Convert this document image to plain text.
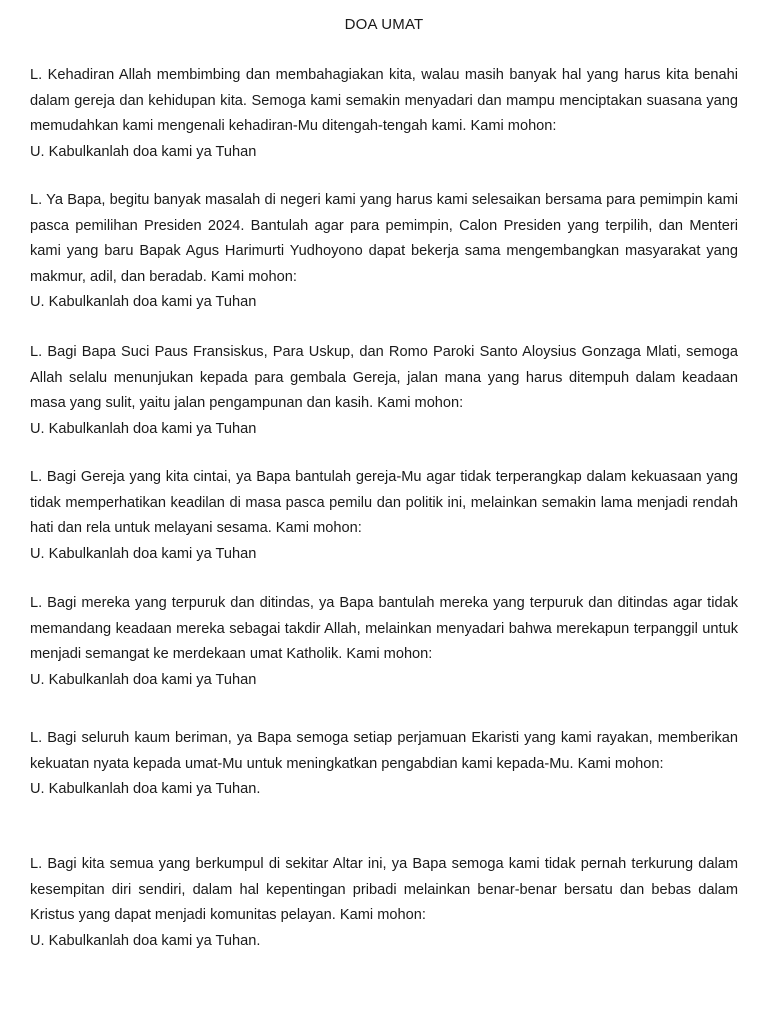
DOA UMAT

L. Kehadiran Allah membimbing dan membahagiakan kita, walau masih banyak hal yang harus kita benahi dalam gereja dan kehidupan kita. Semoga kami semakin menyadari dan mampu menciptakan suasana yang memudahkan kami mengenali kehadiran-Mu ditengah-tengah kami. Kami mohon:

U. Kabulkanlah doa kami ya Tuhan

L. Ya Bapa, begitu banyak masalah di negeri kami yang harus kami selesaikan bersama para pemimpin kami pasca pemilihan Presiden 2024. Bantulah agar para pemimpin, Calon Presiden yang terpilih, dan Menteri kami yang baru Bapak Agus Harimurti Yudhoyono dapat bekerja sama mengembangkan masyarakat yang makmur, adil, dan beradab. Kami mohon:

U. Kabulkanlah doa kami ya Tuhan

L. Bagi Bapa Suci Paus Fransiskus, Para Uskup, dan Romo Paroki Santo Aloysius Gonzaga Mlati, semoga Allah selalu menunjukan kepada para gembala Gereja, jalan mana yang harus ditempuh dalam keadaan masa yang sulit, yaitu jalan pengampunan dan kasih. Kami mohon:

U. Kabulkanlah doa kami ya Tuhan

L. Bagi Gereja yang kita cintai, ya Bapa bantulah gereja-Mu agar tidak terperangkap dalam kekuasaan yang tidak memperhatikan keadilan di masa pasca pemilu dan politik ini, melainkan semakin lama menjadi rendah hati dan rela untuk melayani sesama. Kami mohon:

U. Kabulkanlah doa kami ya Tuhan

L. Bagi mereka yang terpuruk dan ditindas, ya Bapa bantulah mereka yang terpuruk dan ditindas agar tidak memandang keadaan mereka sebagai takdir Allah, melainkan menyadari bahwa merekapun terpanggil untuk menjadi semangat ke merdekaan umat Katholik. Kami mohon:

U. Kabulkanlah doa kami ya Tuhan

L. Bagi seluruh kaum beriman, ya Bapa semoga setiap perjamuan Ekaristi yang kami rayakan, memberikan kekuatan nyata kepada umat-Mu untuk meningkatkan pengabdian kami kepada-Mu. Kami mohon:

U. Kabulkanlah doa kami ya Tuhan.

L. Bagi kita semua yang berkumpul di sekitar Altar ini, ya Bapa semoga kami tidak pernah terkurung dalam kesempitan diri sendiri, dalam hal kepentingan pribadi melainkan benar-benar bersatu dan bebas dalam Kristus yang dapat menjadi komunitas pelayan. Kami mohon:

U. Kabulkanlah doa kami ya Tuhan.
